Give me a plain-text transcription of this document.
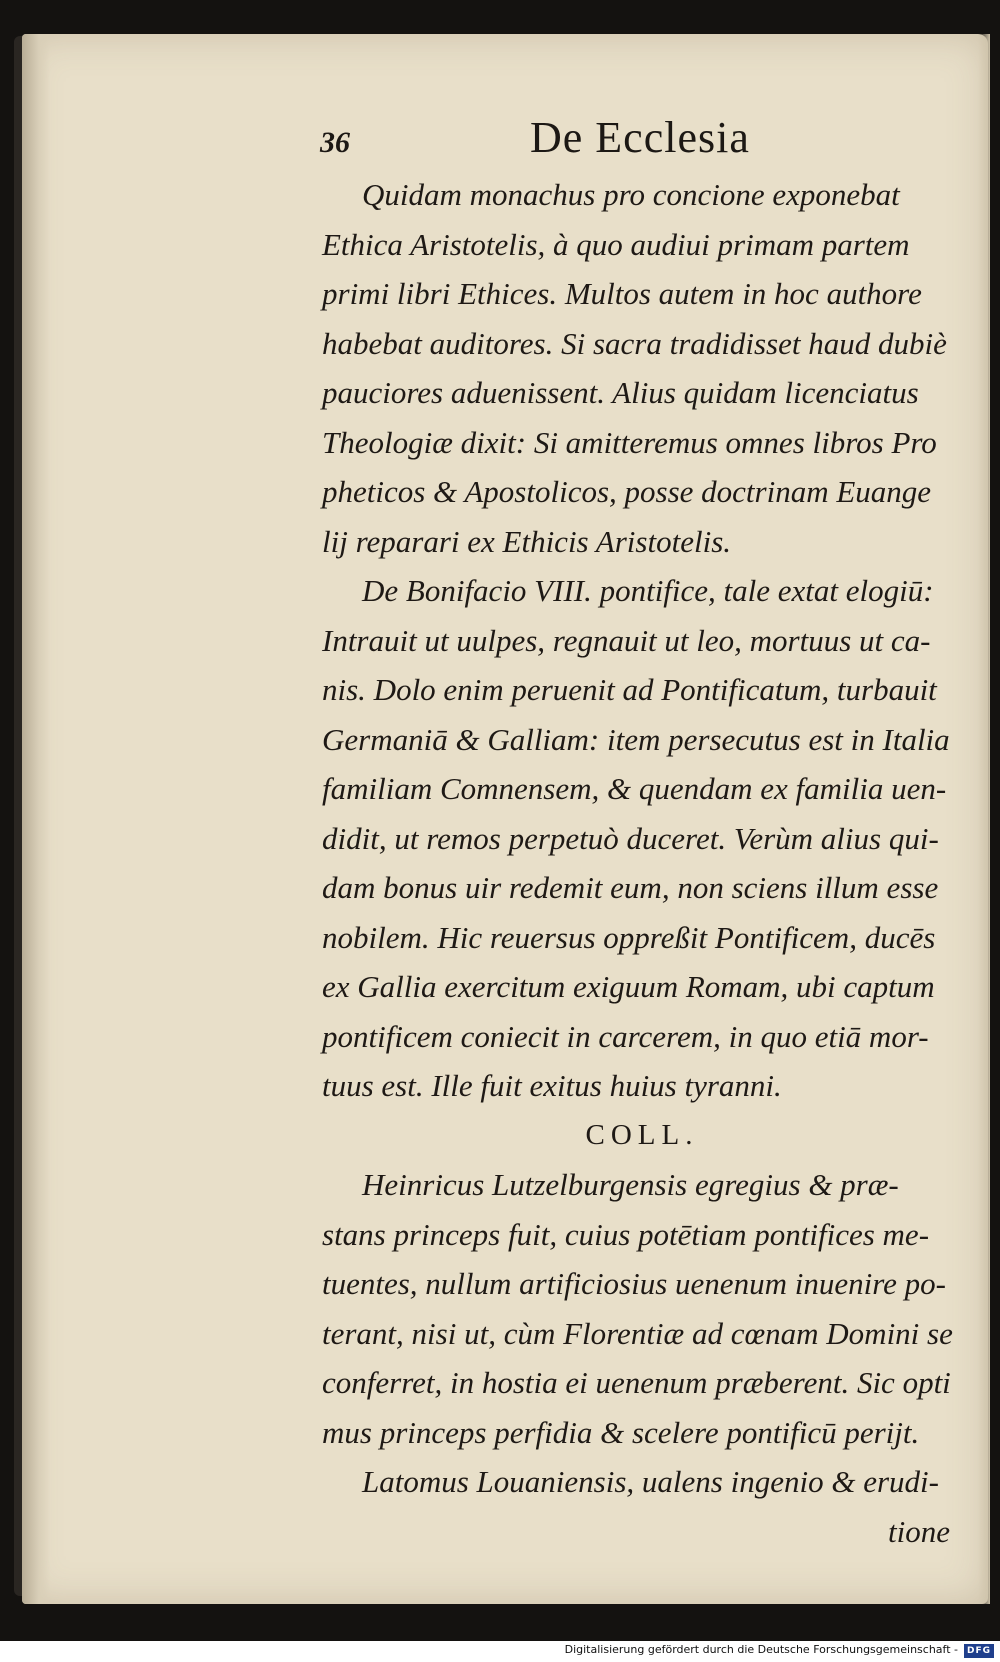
36	De Ecclesia
Quidam monachus pro concione exponebat
Ethica Aristotelis, à quo audiui primam partem
primi libri Ethices. Multos autem in hoc authore
habebat auditores. Si sacra tradidisset haud dubiè
pauciores aduenissent. Alius quidam licenciatus
Theologiæ dixit: Si amitteremus omnes libros Pro
pheticos & Apostolicos, posse doctrinam Euange
lij reparari ex Ethicis Aristotelis.
De Bonifacio VIII. pontifice, tale extat elogiū:
Intrauit ut uulpes, regnauit ut leo, mortuus ut ca-
nis. Dolo enim peruenit ad Pontificatum, turbauit
Germaniā & Galliam: item persecutus est in Italia
familiam Comnensem, & quendam ex familia uen-
didit, ut remos perpetuò duceret. Verùm alius qui-
dam bonus uir redemit eum, non sciens illum esse
nobilem. Hic reuersus oppreßit Pontificem, ducēs
ex Gallia exercitum exiguum Romam, ubi captum
pontificem coniecit in carcerem, in quo etiā mor-
tuus est. Ille fuit exitus huius tyranni.
COLL.
Heinricus Lutzelburgensis egregius & præ-
stans princeps fuit, cuius potētiam pontifices me-
tuentes, nullum artificiosius uenenum inuenire po-
terant, nisi ut, cùm Florentiæ ad cœnam Domini se
conferret, in hostia ei uenenum præberent. Sic opti
mus princeps perfidia & scelere pontificū perijt.
Latomus Louaniensis, ualens ingenio & erudi-
tione
Digitalisierung gefördert durch die Deutsche Forschungsgemeinschaft - DFG
